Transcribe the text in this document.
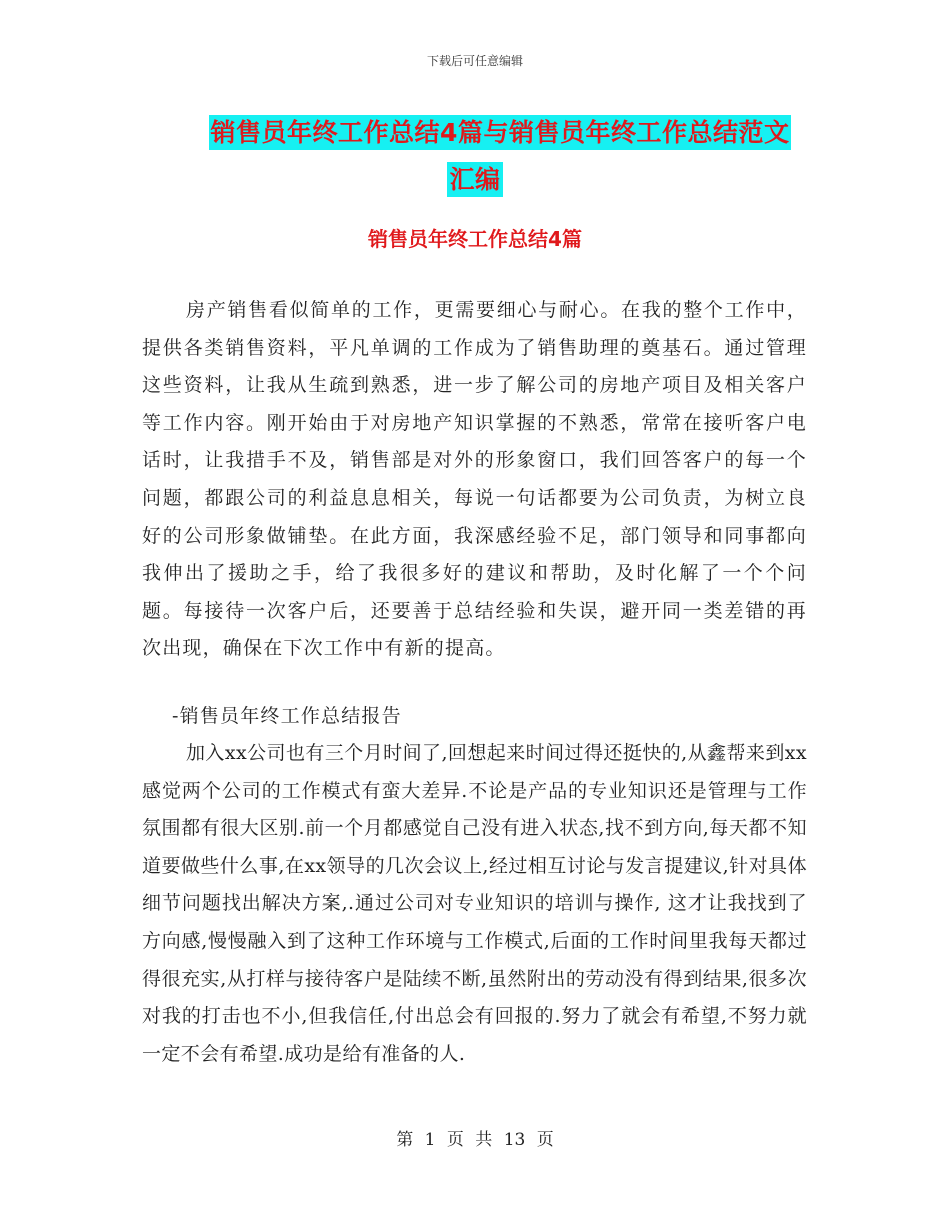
下载后可任意编辑
销售员年终工作总结4篇与销售员年终工作总结范文
汇编
销售员年终工作总结4篇

房产销售看似简单的工作，更需要细心与耐心。在我的整个工作中，提供各类销售资料，平凡单调的工作成为了销售助理的奠基石。通过管理这些资料，让我从生疏到熟悉，进一步了解公司的房地产项目及相关客户等工作内容。刚开始由于对房地产知识掌握的不熟悉，常常在接听客户电话时，让我措手不及，销售部是对外的形象窗口，我们回答客户的每一个问题，都跟公司的利益息息相关，每说一句话都要为公司负责，为树立良好的公司形象做铺垫。在此方面，我深感经验不足，部门领导和同事都向我伸出了援助之手，给了我很多好的建议和帮助，及时化解了一个个问题。每接待一次客户后，还要善于总结经验和失误，避开同一类差错的再次出现，确保在下次工作中有新的提高。

-销售员年终工作总结报告

加入xx公司也有三个月时间了,回想起来时间过得还挺快的,从鑫帮来到xx感觉两个公司的工作模式有蛮大差异.不论是产品的专业知识还是管理与工作氛围都有很大区别.前一个月都感觉自己没有进入状态,找不到方向,每天都不知道要做些什么事,在xx领导的几次会议上,经过相互讨论与发言提建议,针对具体细节问题找出解决方案,.通过公司对专业知识的培训与操作, 这才让我找到了方向感,慢慢融入到了这种工作环境与工作模式,后面的工作时间里我每天都过得很充实,从打样与接待客户是陆续不断,虽然附出的劳动没有得到结果,很多次对我的打击也不小,但我信任,付出总会有回报的.努力了就会有希望,不努力就一定不会有希望.成功是给有准备的人.

第 1 页 共 13 页
